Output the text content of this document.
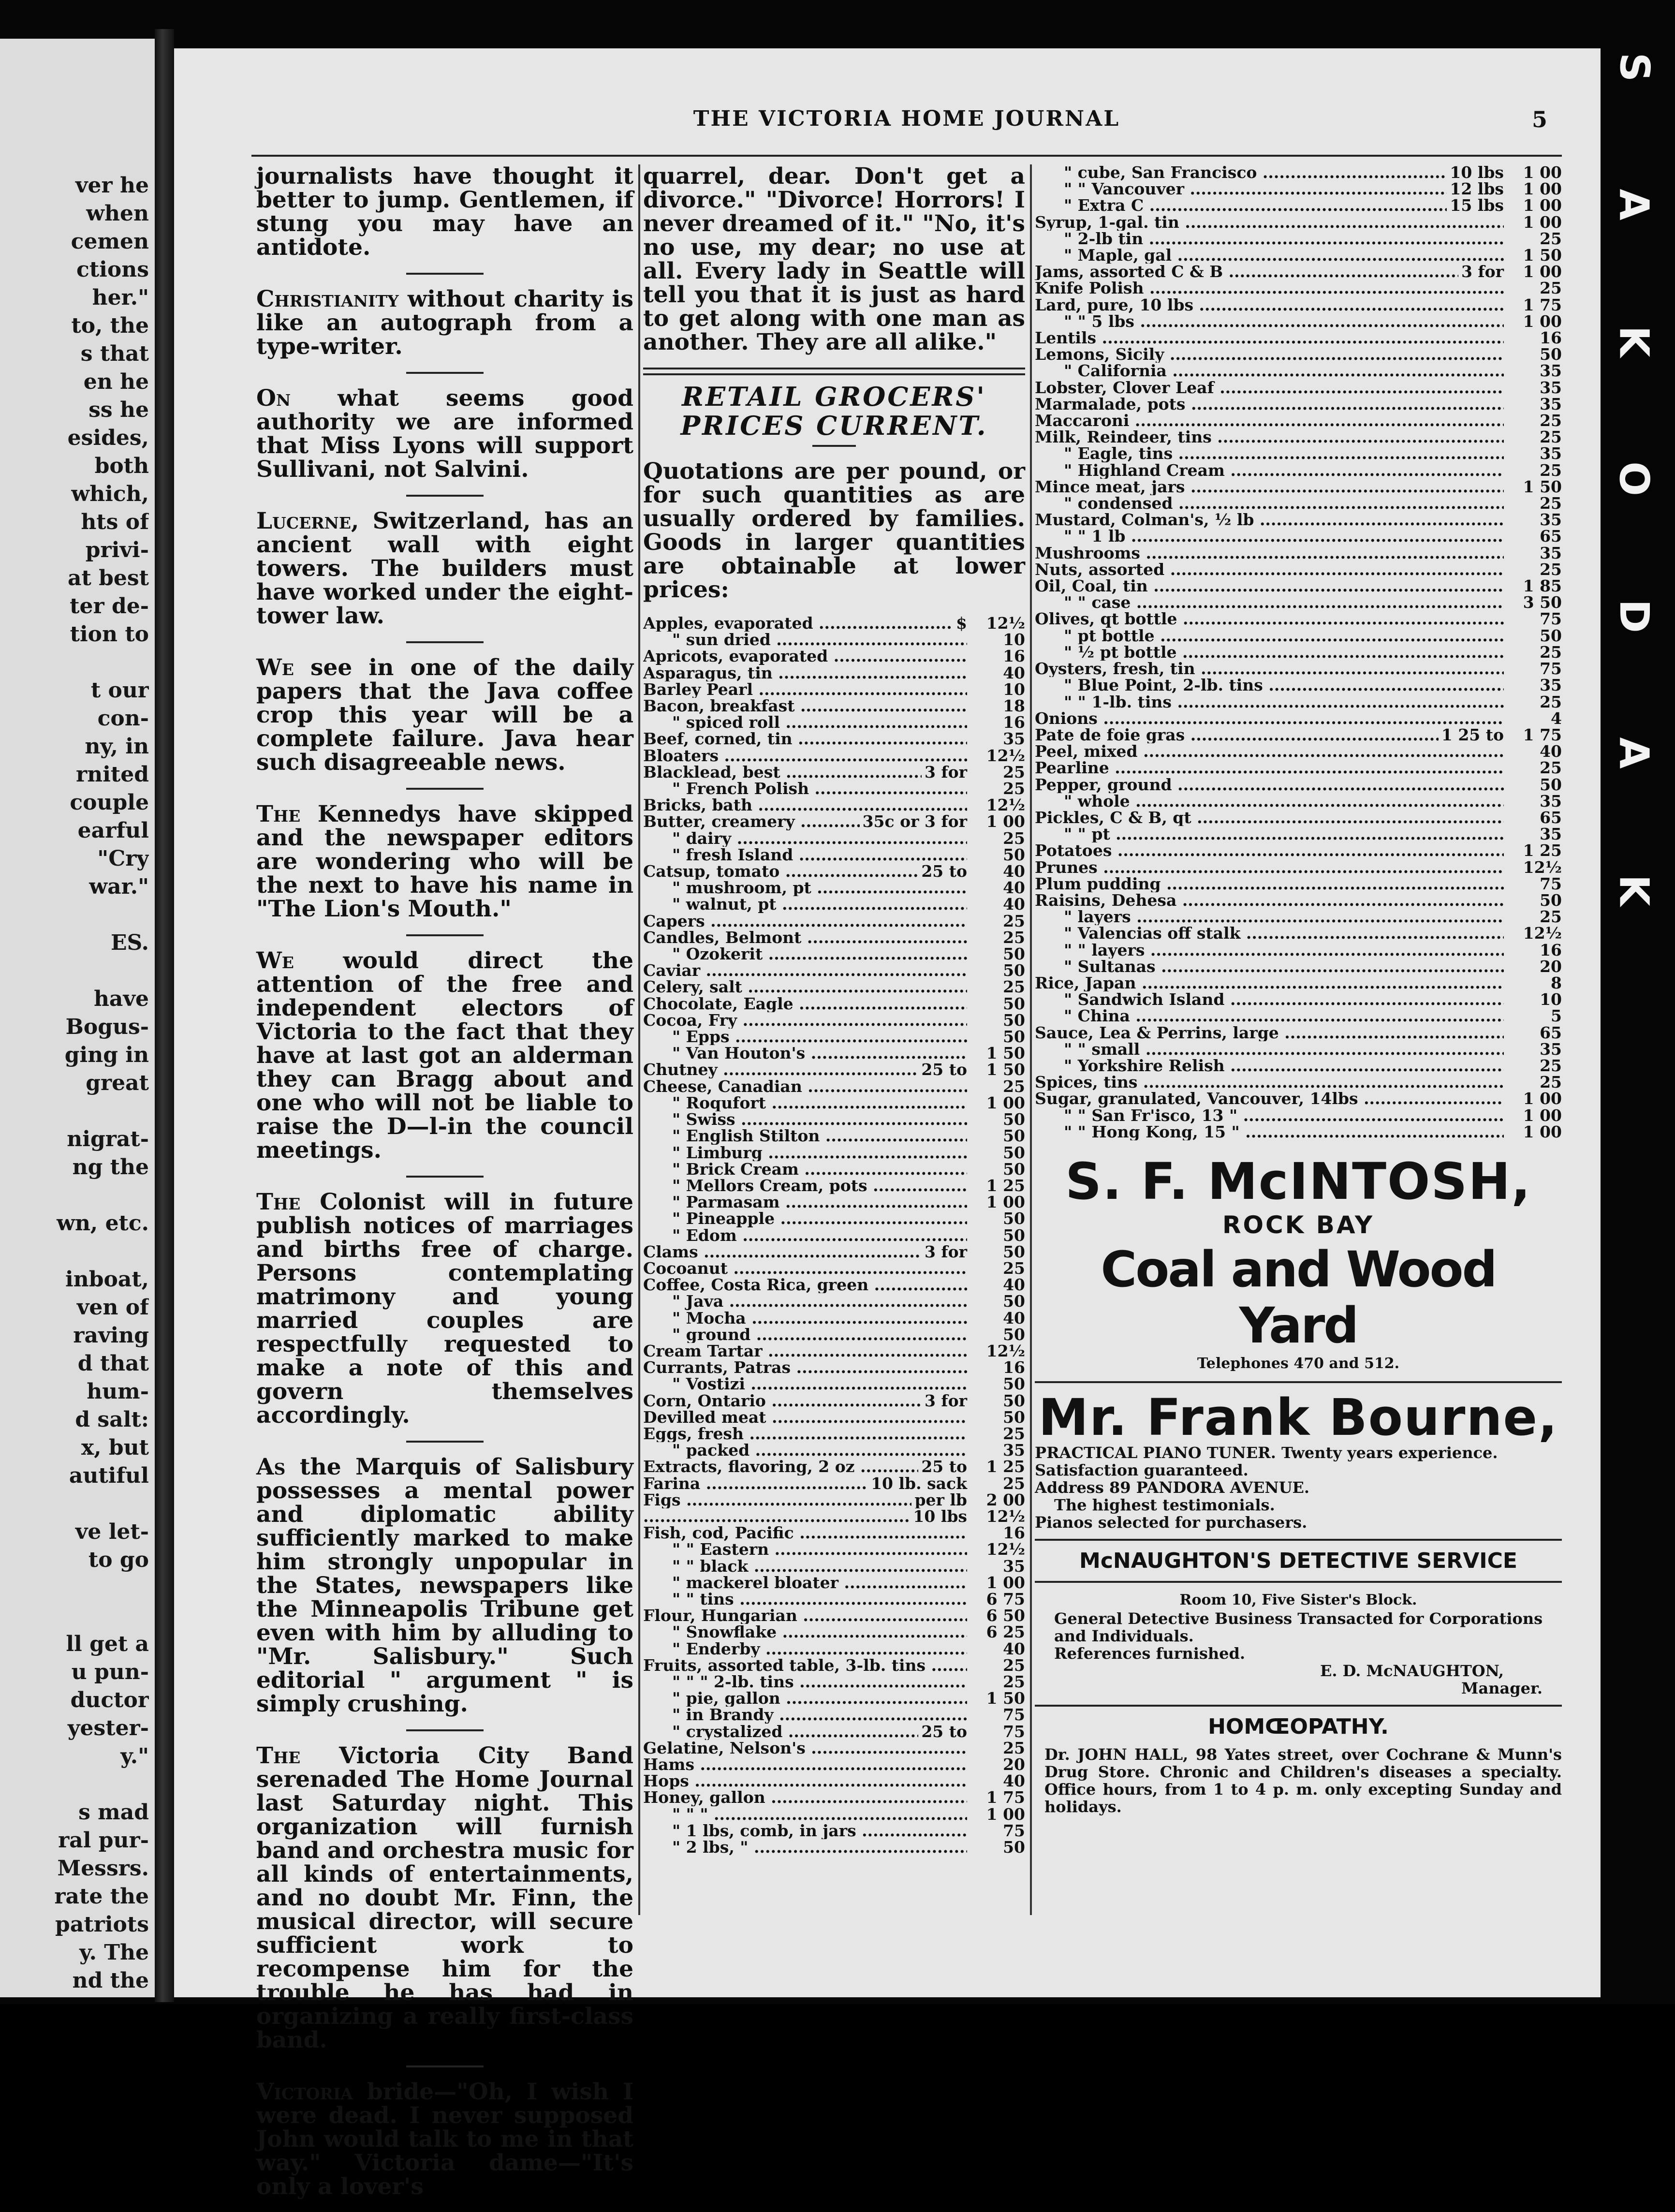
S
A
K
O
D
A
K
ver he
when
cemen
ctions
her."
to, the
s that
en he
ss he
esides,
both
which,
hts of
privi-
at best
ter de-
tion to

t our
con-
ny, in
rnited
couple
earful
"Cry
war."

ES.

have
Bogus-
ging in
great

nigrat-
ng the

wn, etc.

inboat,
ven of
raving
d that
hum-
d salt:
x, but
autiful

ve let-
to go

ll get a
u pun-
ductor
yester-
y."

s mad
ral pur-
Messrs.
rate the
patriots
y. The
nd the
THE VICTORIA HOME JOURNAL	5

journalists have thought it better to jump. Gentlemen, if stung you may have an antidote.

Christianity without charity is like an autograph from a type-writer.

On what seems good authority we are informed that Miss Lyons will support Sullivani, not Salvini.

Lucerne, Switzerland, has an ancient wall with eight towers. The builders must have worked under the eight-tower law.

We see in one of the daily papers that the Java coffee crop this year will be a complete failure. Java hear such disagreeable news.

The Kennedys have skipped and the newspaper editors are wondering who will be the next to have his name in "The Lion's Mouth."

We would direct the attention of the free and independent electors of Victoria to the fact that they have at last got an alderman they can Bragg about and one who will not be liable to raise the D—l-in the council meetings.

The Colonist will in future publish notices of marriages and births free of charge. Persons contemplating matrimony and young married couples are respectfully requested to make a note of this and govern themselves accordingly.

As the Marquis of Salisbury possesses a mental power and diplomatic ability sufficiently marked to make him strongly unpopular in the States, newspapers like the Minneapolis Tribune get even with him by alluding to "Mr. Salisbury." Such editorial " argument " is simply crushing.

The Victoria City Band serenaded The Home Journal last Saturday night. This organization will furnish band and orchestra music for all kinds of entertainments, and no doubt Mr. Finn, the musical director, will secure sufficient work to recompense him for the trouble he has had in organizing a really first-class band.

Victoria bride—"Oh, I wish I were dead. I never supposed John would talk to me in that way." Victoria dame—"It's only a lover's

quarrel, dear. Don't get a divorce." "Divorce! Horrors! I never dreamed of it." "No, it's no use, my dear; no use at all. Every lady in Seattle will tell you that it is just as hard to get along with one man as another. They are all alike."

RETAIL GROCERS' PRICES CURRENT.

Quotations are per pound, or for such quantities as are usually ordered by families. Goods in larger quantities are obtainable at lower prices:

Apples, evaporated .....	$	12½
" sun dried .....	10
Apricots, evaporated .....	16
Asparagus, tin .....	40
Barley Pearl .....	10
Bacon, breakfast .....	18
" spiced roll .....	16
Beef, corned, tin .....	35
Bloaters .....	12½
Blacklead, best .....	3 for	25
" French Polish .....	25
Bricks, bath .....	12½
Butter, creamery .....	35c or 3 for	1 00
" dairy .....	25
" fresh Island .....	50
Catsup, tomato .....	25 to	40
" mushroom, pt .....	40
" walnut, pt .....	40
Capers .....	25
Candles, Belmont .....	25
" Ozokerit .....	50
Caviar .....	50
Celery, salt .....	25
Chocolate, Eagle .....	50
Cocoa, Fry .....	50
" Epps .....	50
" Van Houton's .....	1 50
Chutney .....	25 to	1 50
Cheese, Canadian .....	25
" Roqufort .....	1 00
" Swiss .....	50
" English Stilton .....	50
" Limburg .....	50
" Brick Cream .....	50
" Mellors Cream, pots .....	1 25
" Parmasam .....	1 00
" Pineapple .....	50
" Edom .....	50
Clams .....	3 for	50
Cocoanut .....	25
Coffee, Costa Rica, green .....	40
" Java .....	50
" Mocha .....	40
" ground .....	50
Cream Tartar .....	12½
Currants, Patras .....	16
" Vostizi .....	50
Corn, Ontario .....	3 for	50
Devilled meat .....	50
Eggs, fresh .....	25
" packed .....	35
Extracts, flavoring, 2 oz .....	25 to	1 25
Farina .....	10 lb. sack	25
Figs .....	per lb	2 00
.....
10 lbs	12½
Fish, cod, Pacific .....	16
" " Eastern .....	12½
" " black .....	35
" mackerel bloater .....	1 00
" " tins .....	6 75
Flour, Hungarian .....	6 50
" Snowflake .....	6 25
" Enderby .....	40
Fruits, assorted table, 3-lb. tins .....	25
" " " 2-lb. tins .....	25
" pie, gallon .....	1 50
" in Brandy .....	75
" crystalized .....	25 to	75
Gelatine, Nelson's .....	25
Hams .....	20
Hops .....	40
Honey, gallon .....	1 75
" " " .....	1 00
" 1 lbs, comb, in jars .....	75
" 2 lbs, " .....	50
" cube, San Francisco .....	10 lbs	1 00
" " Vancouver .....	12 lbs	1 00
" Extra C .....	15 lbs	1 00
Syrup, 1-gal. tin .....	1 00
" 2-lb tin .....	25
" Maple, gal .....	1 50
Jams, assorted C & B .....	3 for	1 00
Knife Polish .....	25
Lard, pure, 10 lbs .....	1 75
" " 5 lbs .....	1 00
Lentils .....	16
Lemons, Sicily .....	50
" California .....	35
Lobster, Clover Leaf .....	35
Marmalade, pots .....	35
Maccaroni .....	25
Milk, Reindeer, tins .....	25
" Eagle, tins .....	35
" Highland Cream .....	25
Mince meat, jars .....	1 50
" condensed .....	25
Mustard, Colman's, ½ lb .....	35
" " 1 lb .....	65
Mushrooms .....	35
Nuts, assorted .....	25
Oil, Coal, tin .....	1 85
" " case .....	3 50
Olives, qt bottle .....	75
" pt bottle .....	50
" ½ pt bottle .....	25
Oysters, fresh, tin .....	75
" Blue Point, 2-lb. tins .....	35
" " 1-lb. tins .....	25
Onions .....	4
Pate de foie gras .....	1 25 to	1 75
Peel, mixed .....	40
Pearline .....	25
Pepper, ground .....	50
" whole .....	35
Pickles, C & B, qt .....	65
" " pt .....	35
Potatoes .....	1 25
Prunes .....	12½
Plum pudding .....	75
Raisins, Dehesa .....	50
" layers .....	25
" Valencias off stalk .....	12½
" " layers .....	16
" Sultanas .....	20
Rice, Japan .....	8
" Sandwich Island .....	10
" China .....	5
Sauce, Lea & Perrins, large .....	65
" " small .....	35
" Yorkshire Relish .....	25
Spices, tins .....	25
Sugar, granulated, Vancouver, 14lbs .....	1 00
" " San Fr'isco, 13 " .....	1 00
" " Hong Kong, 15 " .....	1 00
S. F. McINTOSH,
ROCK BAY
Coal and Wood Yard
Telephones 470 and 512.
Mr. Frank Bourne,
PRACTICAL PIANO TUNER. Twenty years experience. Satisfaction guaranteed.
Address 89 PANDORA AVENUE.
The highest testimonials.
Pianos selected for purchasers.
McNAUGHTON'S DETECTIVE SERVICE
Room 10, Five Sister's Block.
General Detective Business Transacted for Corporations and Individuals.
References furnished.
E. D. McNAUGHTON,
Manager.
HOMŒOPATHY.
Dr. JOHN HALL, 98 Yates street, over Cochrane & Munn's Drug Store. Chronic and Children's diseases a specialty. Office hours, from 1 to 4 p. m. only excepting Sunday and holidays.
